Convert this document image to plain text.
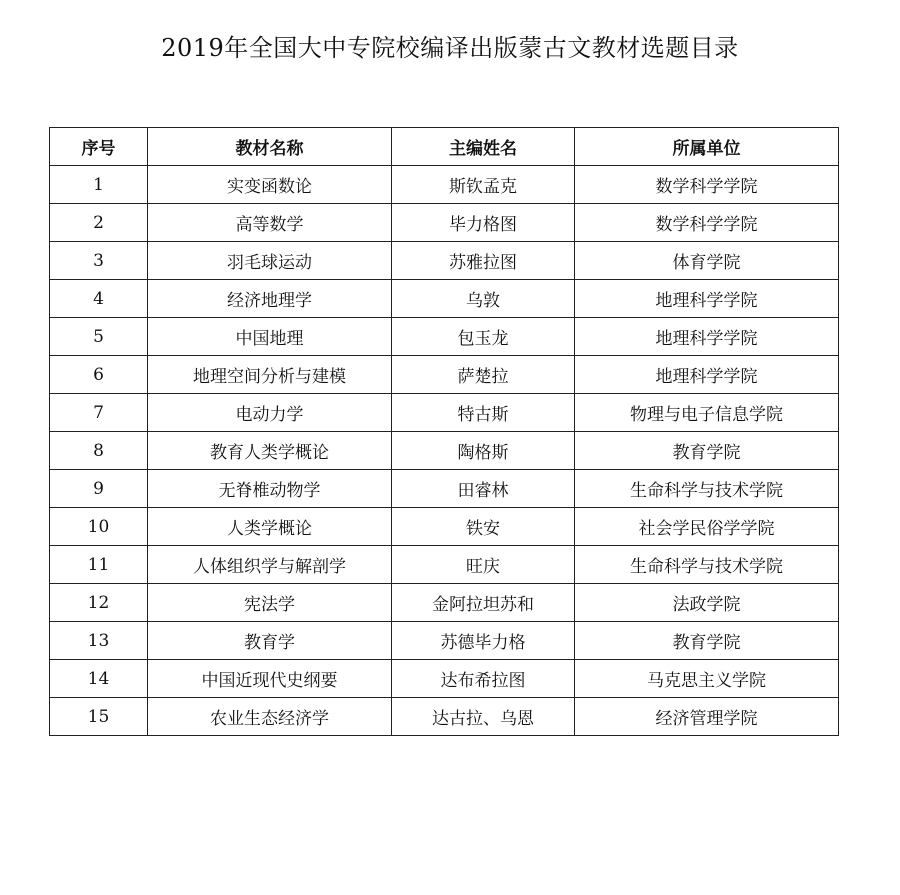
2019年全国大中专院校编译出版蒙古文教材选题目录
序号	教材名称	主编姓名	所属单位
1	实变函数论	斯钦孟克	数学科学学院
2	高等数学	毕力格图	数学科学学院
3	羽毛球运动	苏雅拉图	体育学院
4	经济地理学	乌敦	地理科学学院
5	中国地理	包玉龙	地理科学学院
6	地理空间分析与建模	萨楚拉	地理科学学院
7	电动力学	特古斯	物理与电子信息学院
8	教育人类学概论	陶格斯	教育学院
9	无脊椎动物学	田睿林	生命科学与技术学院
10	人类学概论	铁安	社会学民俗学学院
11	人体组织学与解剖学	旺庆	生命科学与技术学院
12	宪法学	金阿拉坦苏和	法政学院
13	教育学	苏德毕力格	教育学院
14	中国近现代史纲要	达布希拉图	马克思主义学院
15	农业生态经济学	达古拉、乌恩	经济管理学院
